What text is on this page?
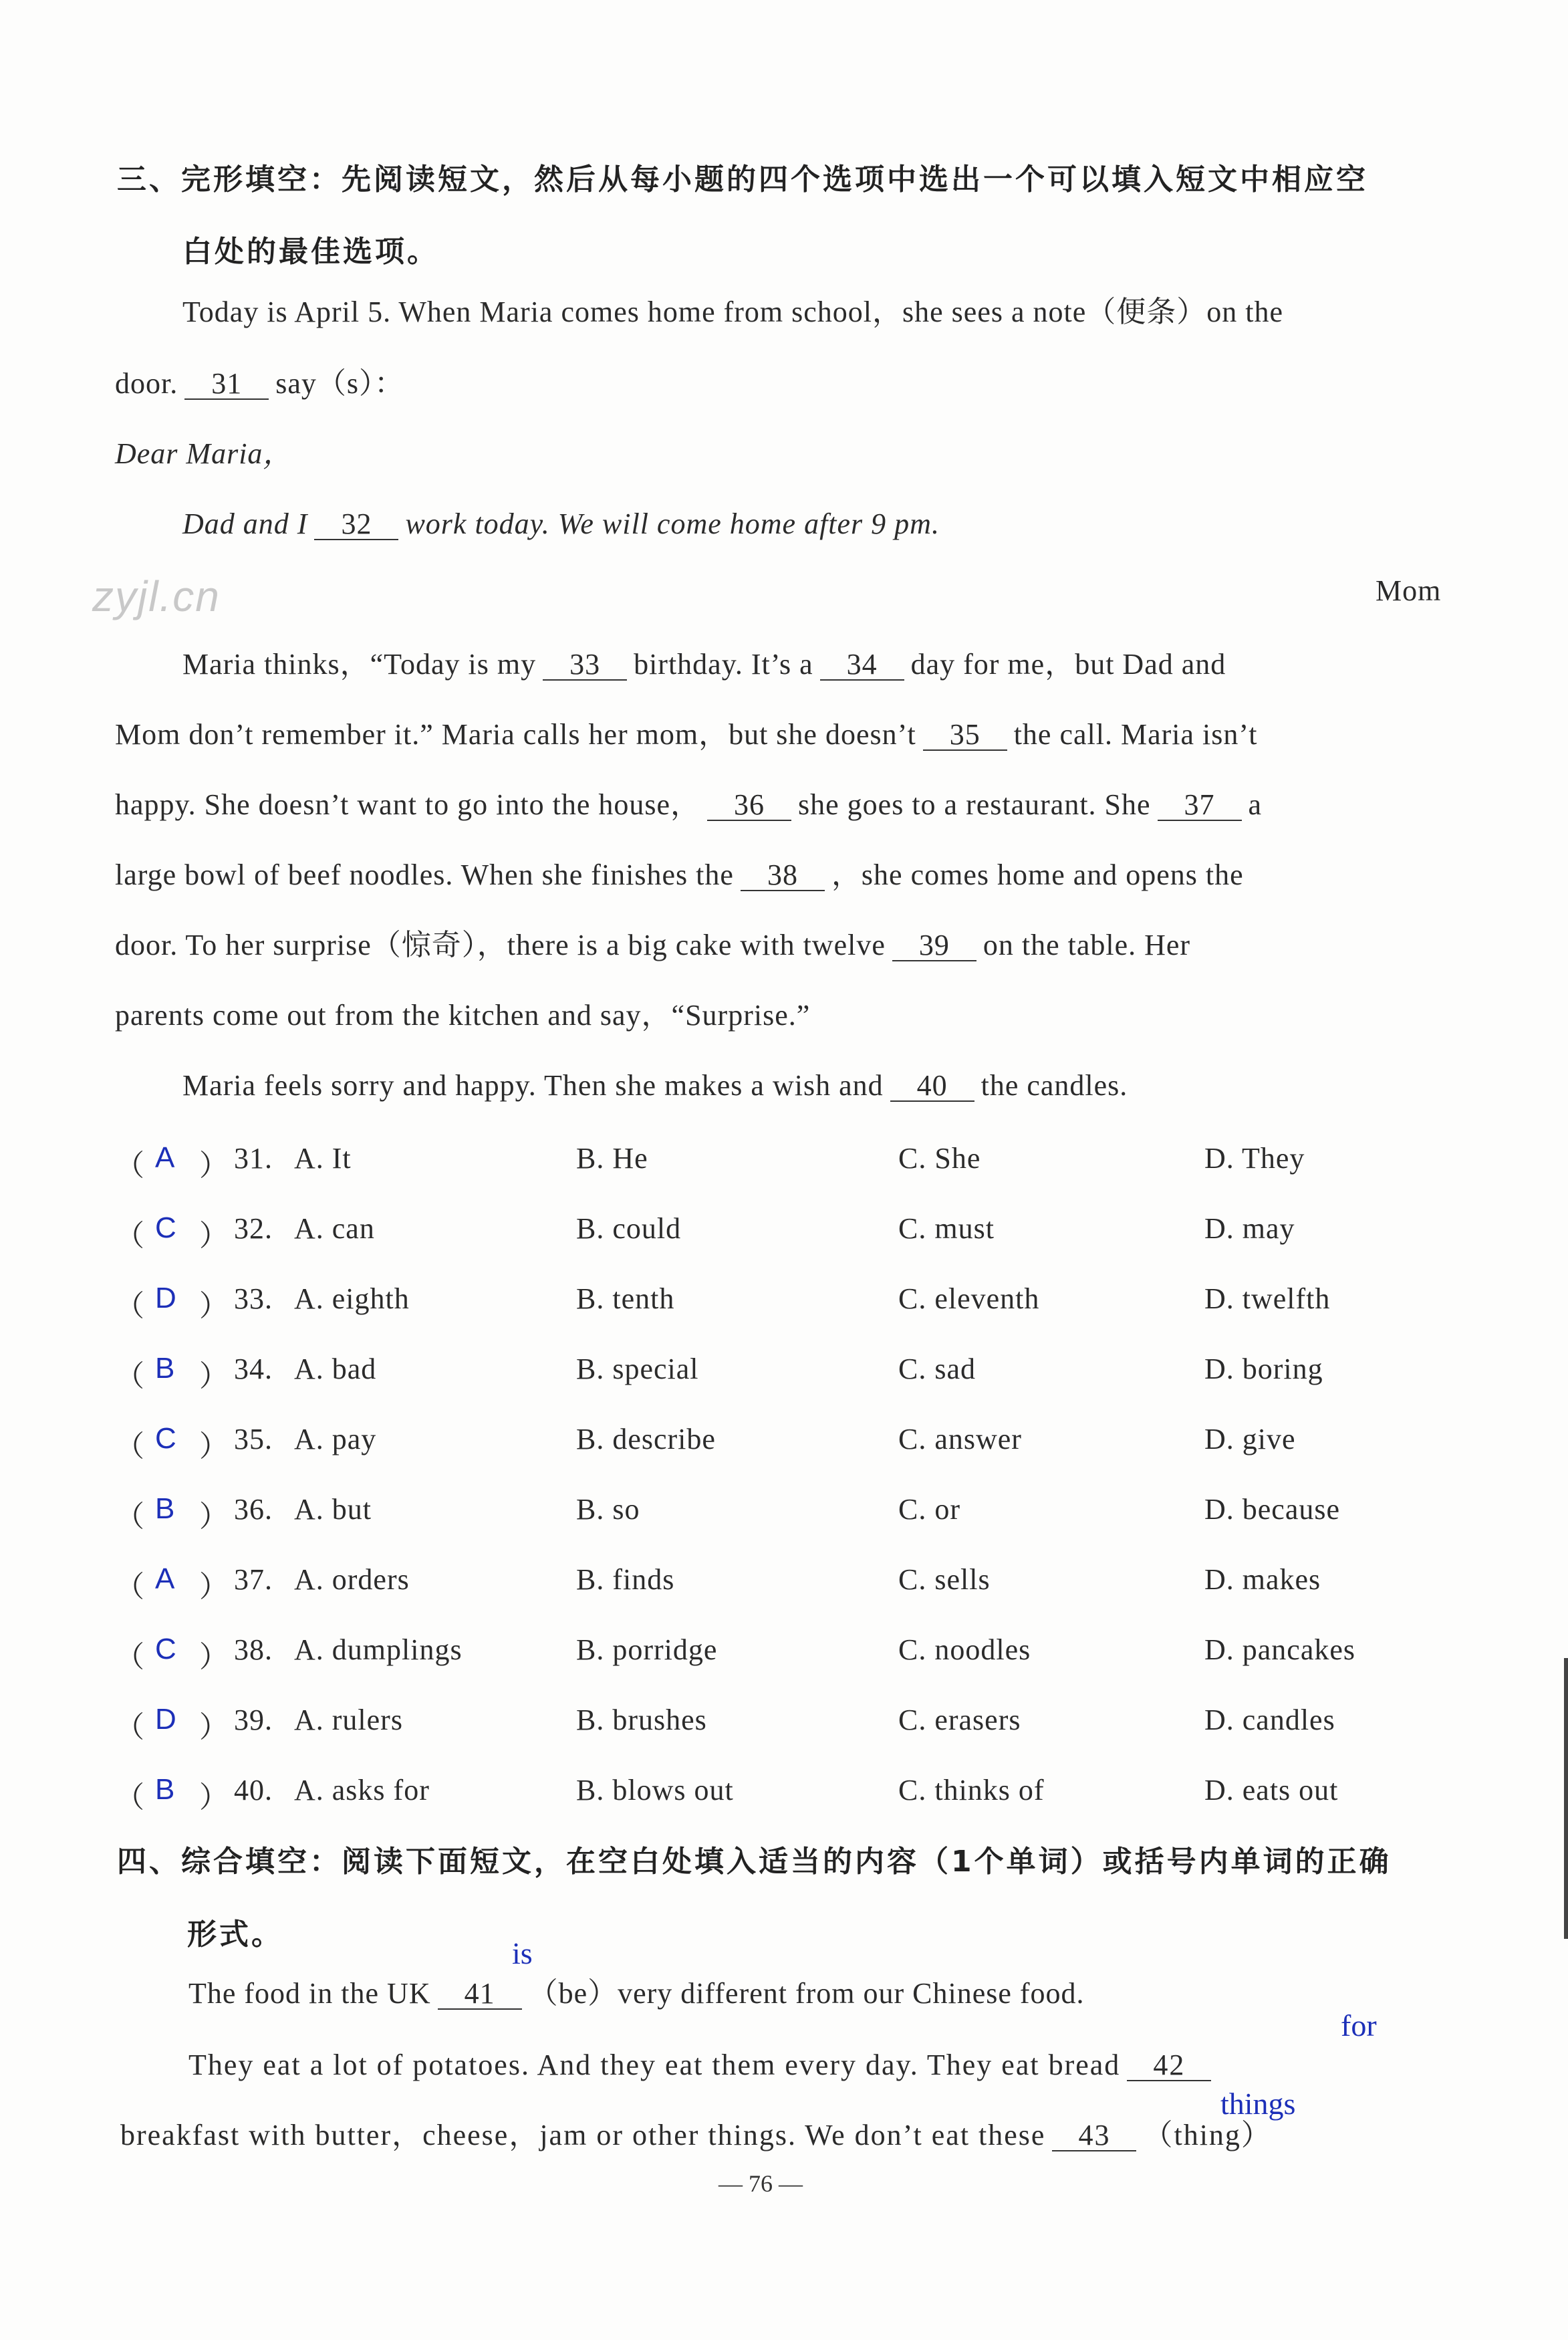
三、完形填空：先阅读短文，然后从每小题的四个选项中选出一个可以填入短文中相应空
白处的最佳选项。
zyjl.cn
Today is April 5. When Maria comes home from school，she sees a note（便条）on the
door. 31 say（s）：
Dear Maria，
Dad and I 32 work today. We will come home after 9 pm.
Mom
Maria thinks，“Today is my 33 birthday. It’s a 34 day for me，but Dad and
Mom don’t remember it.” Maria calls her mom，but she doesn’t 35 the call. Maria isn’t
happy. She doesn’t want to go into the house， 36 she goes to a restaurant. She 37 a
large bowl of beef noodles. When she finishes the 38 ，she comes home and opens the
door. To her surprise（惊奇），there is a big cake with twelve 39 on the table. Her
parents come out from the kitchen and say，“Surprise.”
Maria feels sorry and happy. Then she makes a wish and 40 the candles.
（ A ） 31. A. It	B. He	C. She	D. They
（ C ） 32. A. can	B. could	C. must	D. may
（ D ） 33. A. eighth	B. tenth	C. eleventh	D. twelfth
（ B ） 34. A. bad	B. special	C. sad	D. boring
（ C ） 35. A. pay	B. describe	C. answer	D. give
（ B ） 36. A. but	B. so	C. or	D. because
（ A ） 37. A. orders	B. finds	C. sells	D. makes
（ C ） 38. A. dumplings	B. porridge	C. noodles	D. pancakes
（ D ） 39. A. rulers	B. brushes	C. erasers	D. candles
（ B ） 40. A. asks for	B. blows out	C. thinks of	D. eats out
四、综合填空：阅读下面短文，在空白处填入适当的内容（1个单词）或括号内单词的正确
形式。
is
The food in the UK 41 （be）very different from our Chinese food.
for
They eat a lot of potatoes. And they eat them every day. They eat bread 42
things
breakfast with butter，cheese，jam or other things. We don’t eat these 43 （thing）
— 76 —
